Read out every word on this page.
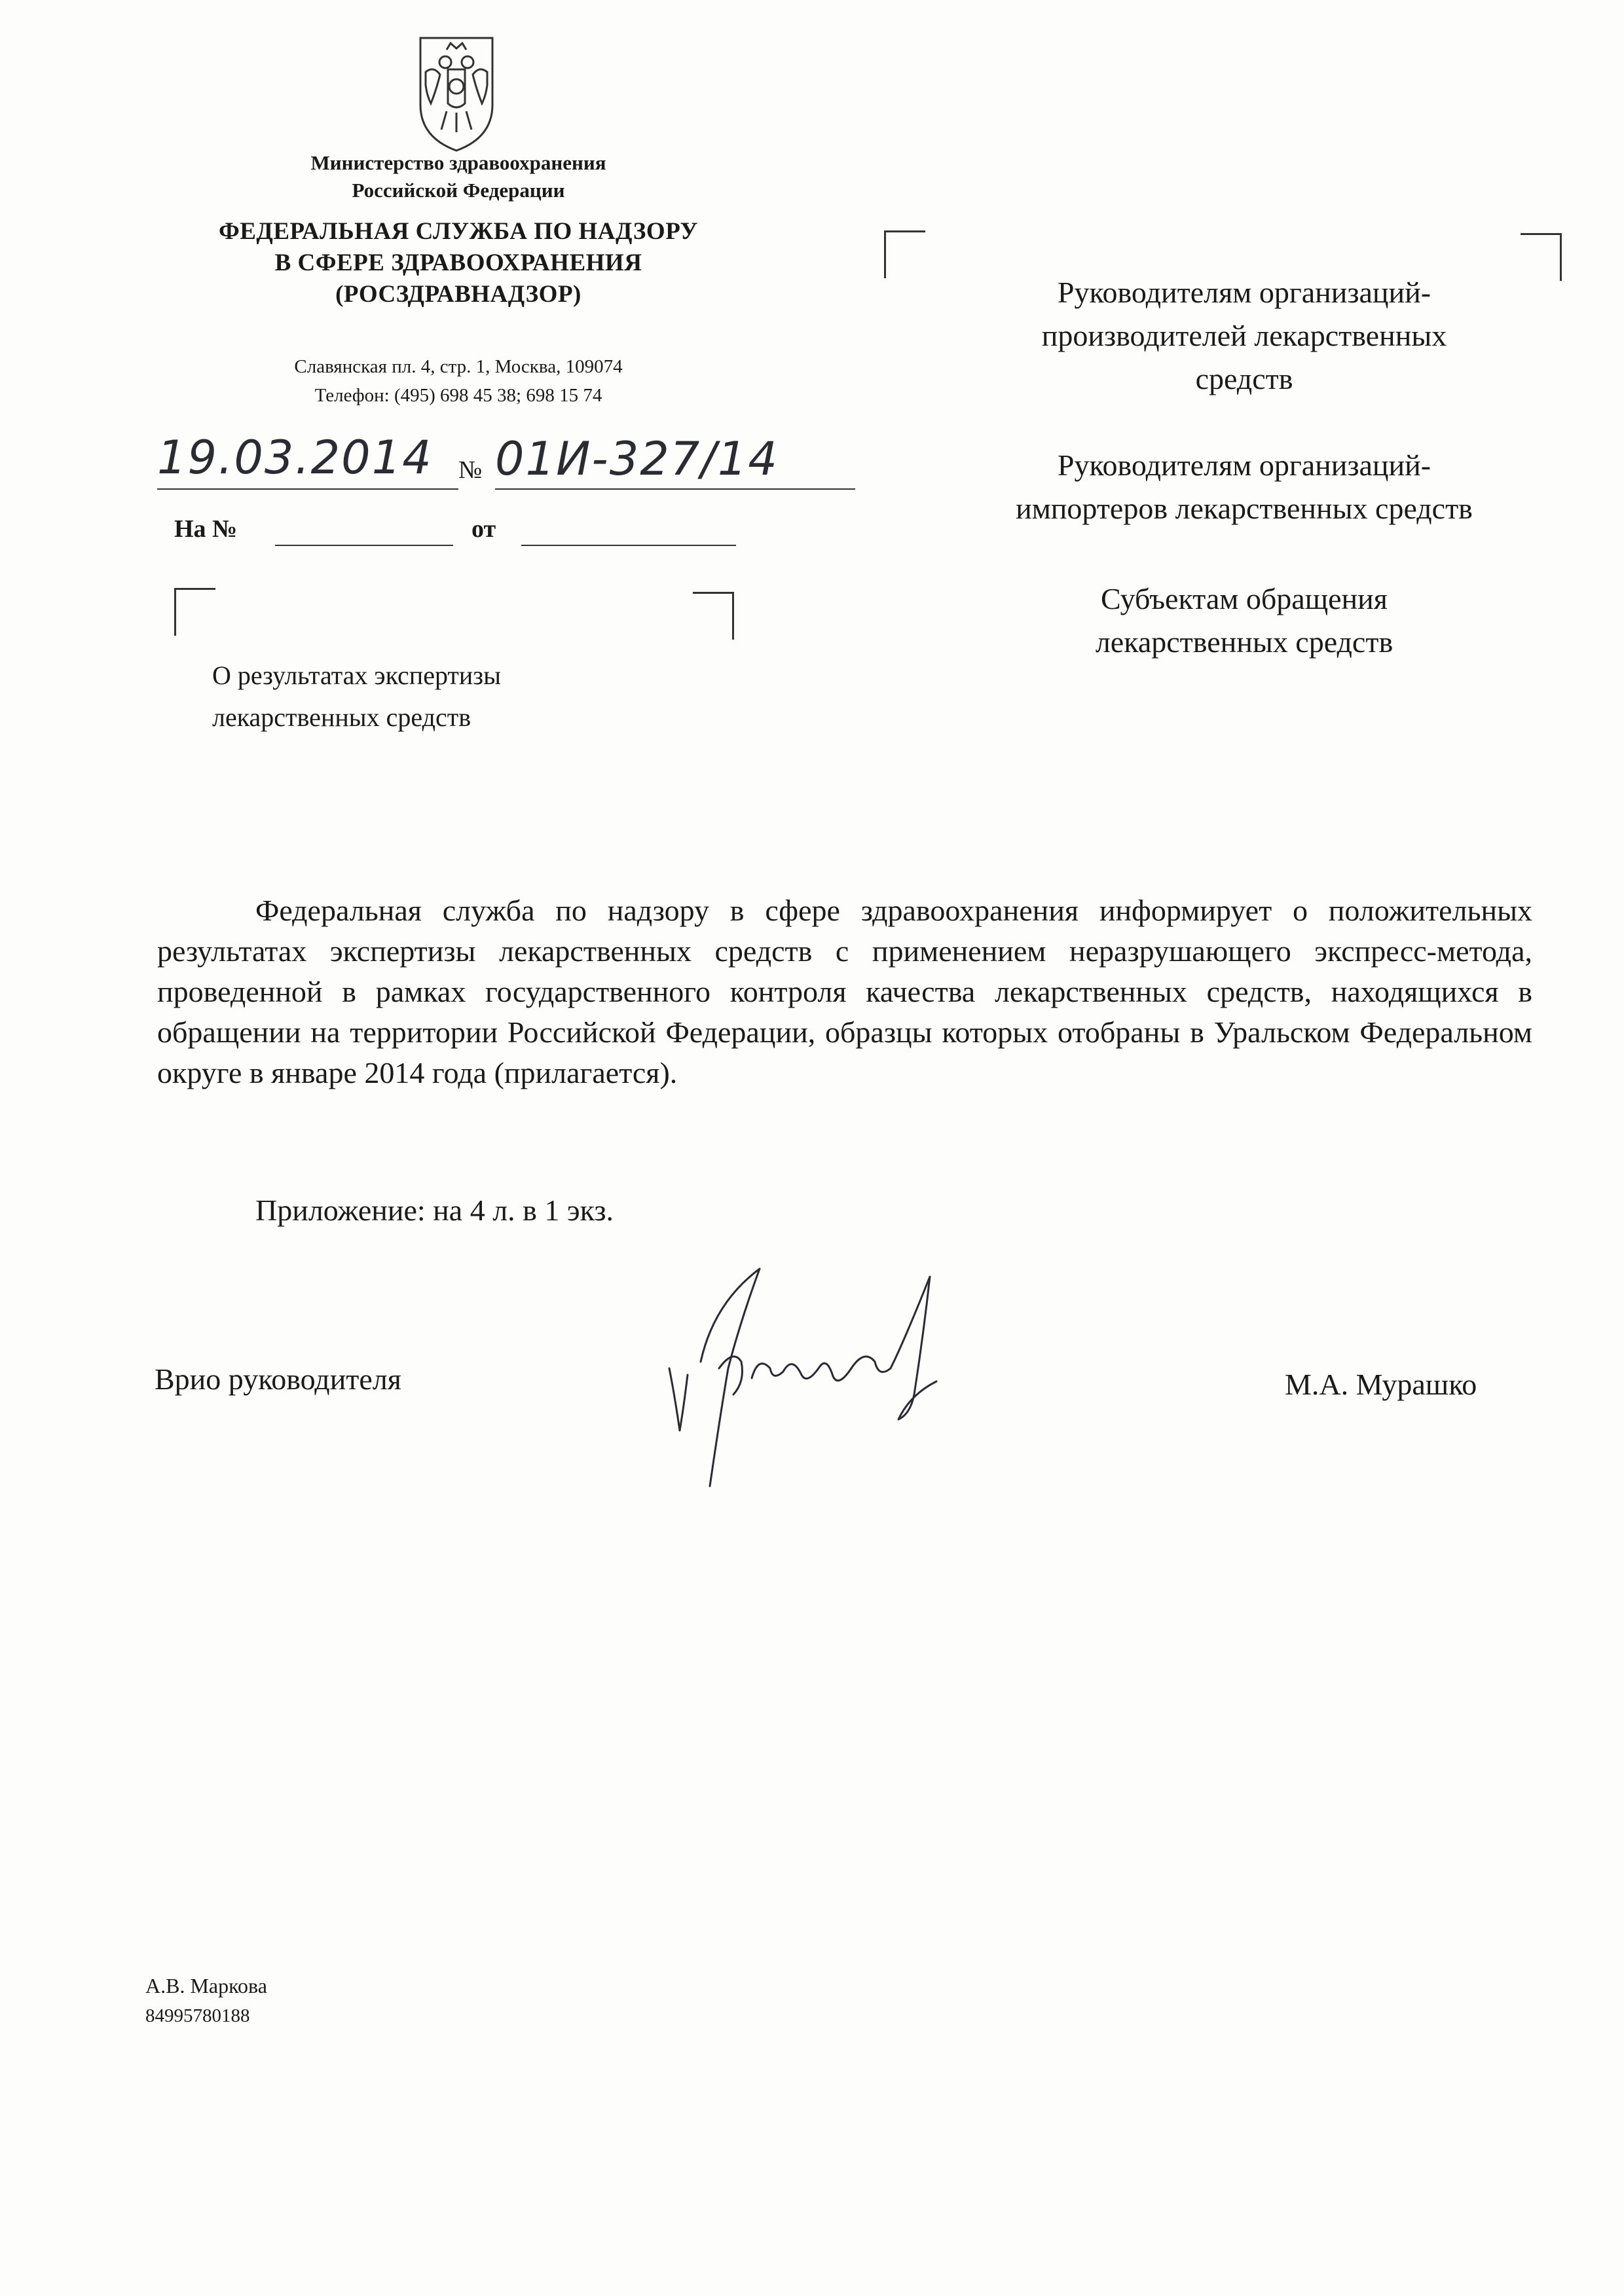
Министерство здравоохранения
Российской Федерации
ФЕДЕРАЛЬНАЯ СЛУЖБА ПО НАДЗОРУ
В СФЕРЕ ЗДРАВООХРАНЕНИЯ
(РОСЗДРАВНАДЗОР)
Славянская пл. 4, стр. 1, Москва, 109074
Телефон: (495) 698 45 38; 698 15 74
19.03.2014 № 01И-327/14
На №	от
О результатах экспертизы
лекарственных средств
Руководителям организаций-
производителей лекарственных
средств
Руководителям организаций-
импортеров лекарственных средств
Субъектам обращения
лекарственных средств
Федеральная служба по надзору в сфере здравоохранения информирует о положительных результатах экспертизы лекарственных средств с применением неразрушающего экспресс-метода, проведенной в рамках государственного контроля качества лекарственных средств, находящихся в обращении на территории Российской Федерации, образцы которых отобраны в Уральском Федеральном округе в январе 2014 года (прилагается).
Приложение: на 4 л. в 1 экз.
Врио руководителя	М.А. Мурашко
А.В. Маркова
84995780188
